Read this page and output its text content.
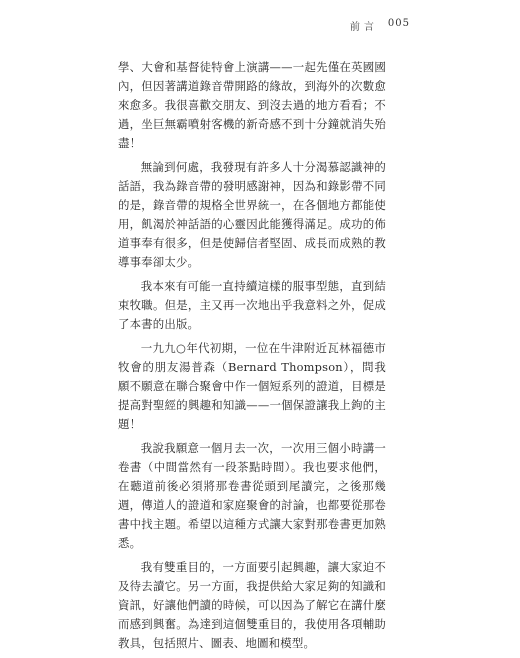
前言 005

學、大會和基督徒特會上演講——一起先僅在英國國內，但因著講道錄音帶開路的緣故，到海外的次數愈來愈多。我很喜歡交朋友、到沒去過的地方看看；不過，坐巨無霸噴射客機的新奇感不到十分鐘就消失殆盡！

無論到何處，我發現有許多人十分渴慕認識神的話語，我為錄音帶的發明感謝神，因為和錄影帶不同的是，錄音帶的規格全世界統一，在各個地方都能使用，飢渴於神話語的心靈因此能獲得滿足。成功的佈道事奉有很多，但是使歸信者堅固、成長而成熟的教導事奉卻太少。

我本來有可能一直持續這樣的服事型態，直到結束牧職。但是，主又再一次地出乎我意料之外，促成了本書的出版。

一九九○年代初期，一位在牛津附近瓦林福德市牧會的朋友湯普森（Bernard Thompson），問我願不願意在聯合聚會中作一個短系列的證道，目標是提高對聖經的興趣和知識——一個保證讓我上鉤的主題！

我說我願意一個月去一次，一次用三個小時講一卷書（中間當然有一段茶點時間）。我也要求他們，在聽道前後必須將那卷書從頭到尾讀完，之後那幾週，傳道人的證道和家庭聚會的討論，也都要從那卷書中找主題。希望以這種方式讓大家對那卷書更加熟悉。

我有雙重目的，一方面要引起興趣，讓大家迫不及待去讀它。另一方面，我提供給大家足夠的知識和資訊，好讓他們讀的時候，可以因為了解它在講什麼而感到興奮。為達到這個雙重目的，我使用各項輔助教具，包括照片、圖表、地圖和模型。
